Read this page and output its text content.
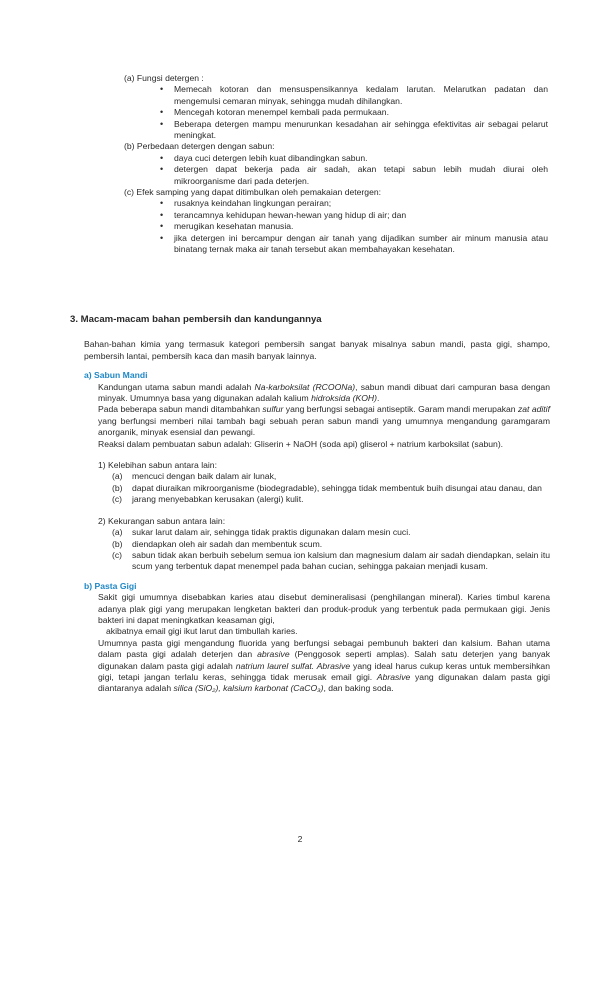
(a) Fungsi detergen :

• Memecah kotoran dan mensuspensikannya kedalam larutan. Melarutkan padatan dan mengemulsi cemaran minyak, sehingga mudah dihilangkan.

• Mencegah kotoran menempel kembali pada permukaan.

• Beberapa detergen mampu menurunkan kesadahan air sehingga efektivitas air sebagai pelarut meningkat.

(b) Perbedaan detergen dengan sabun:

• daya cuci detergen lebih kuat dibandingkan sabun.

• detergen dapat bekerja pada air sadah, akan tetapi sabun lebih mudah diurai oleh mikroorganisme dari pada deterjen.

(c) Efek samping yang dapat ditimbulkan oleh pemakaian detergen:

• rusaknya keindahan lingkungan perairan;

• terancamnya kehidupan hewan-hewan yang hidup di air; dan

• merugikan kesehatan manusia.

• jika detergen ini bercampur dengan air tanah yang dijadikan sumber air minum manusia atau binatang ternak maka air tanah tersebut akan membahayakan kesehatan.

3. Macam-macam bahan pembersih dan kandungannya

Bahan-bahan kimia yang termasuk kategori pembersih sangat banyak misalnya sabun mandi, pasta gigi, shampo, pembersih lantai, pembersih kaca dan masih banyak lainnya.

a) Sabun Mandi

Kandungan utama sabun mandi adalah Na-karboksilat (RCOONa), sabun mandi dibuat dari campuran basa dengan minyak. Umumnya basa yang digunakan adalah kalium hidroksida (KOH).

Pada beberapa sabun mandi ditambahkan sulfur yang berfungsi sebagai antiseptik. Garam mandi merupakan zat aditif yang berfungsi memberi nilai tambah bagi sebuah peran sabun mandi yang umumnya mengandung garamgaram anorganik, minyak esensial dan pewangi.

Reaksi dalam pembuatan sabun adalah: Gliserin + NaOH (soda api) gliserol + natrium karboksilat (sabun).

1) Kelebihan sabun antara lain:

(a) mencuci dengan baik dalam air lunak,

(b) dapat diuraikan mikroorganisme (biodegradable), sehingga tidak membentuk buih disungai atau danau, dan

(c) jarang menyebabkan kerusakan (alergi) kulit.

2) Kekurangan sabun antara lain:

(a) sukar larut dalam air, sehingga tidak praktis digunakan dalam mesin cuci.

(b) diendapkan oleh air sadah dan membentuk scum.

(c) sabun tidak akan berbuih sebelum semua ion kalsium dan magnesium dalam air sadah diendapkan, selain itu scum yang terbentuk dapat menempel pada bahan cucian, sehingga pakaian menjadi kusam.

b) Pasta Gigi

Sakit gigi umumnya disebabkan karies atau disebut demineralisasi (penghilangan mineral). Karies timbul karena adanya plak gigi yang merupakan lengketan bakteri dan produk-produk yang terbentuk pada permukaan gigi. Jenis bakteri ini dapat meningkatkan keasaman gigi,

akibatnya email gigi ikut larut dan timbullah karies.

Umumnya pasta gigi mengandung fluorida yang berfungsi sebagai pembunuh bakteri dan kalsium. Bahan utama dalam pasta gigi adalah deterjen dan abrasive (Penggosok seperti amplas). Salah satu deterjen yang banyak digunakan dalam pasta gigi adalah natrium laurel sulfat. Abrasive yang ideal harus cukup keras untuk membersihkan gigi, tetapi jangan terlalu keras, sehingga tidak merusak email gigi. Abrasive yang digunakan dalam pasta gigi diantaranya adalah silica (SiO₂), kalsium karbonat (CaCO₃), dan baking soda.

2
